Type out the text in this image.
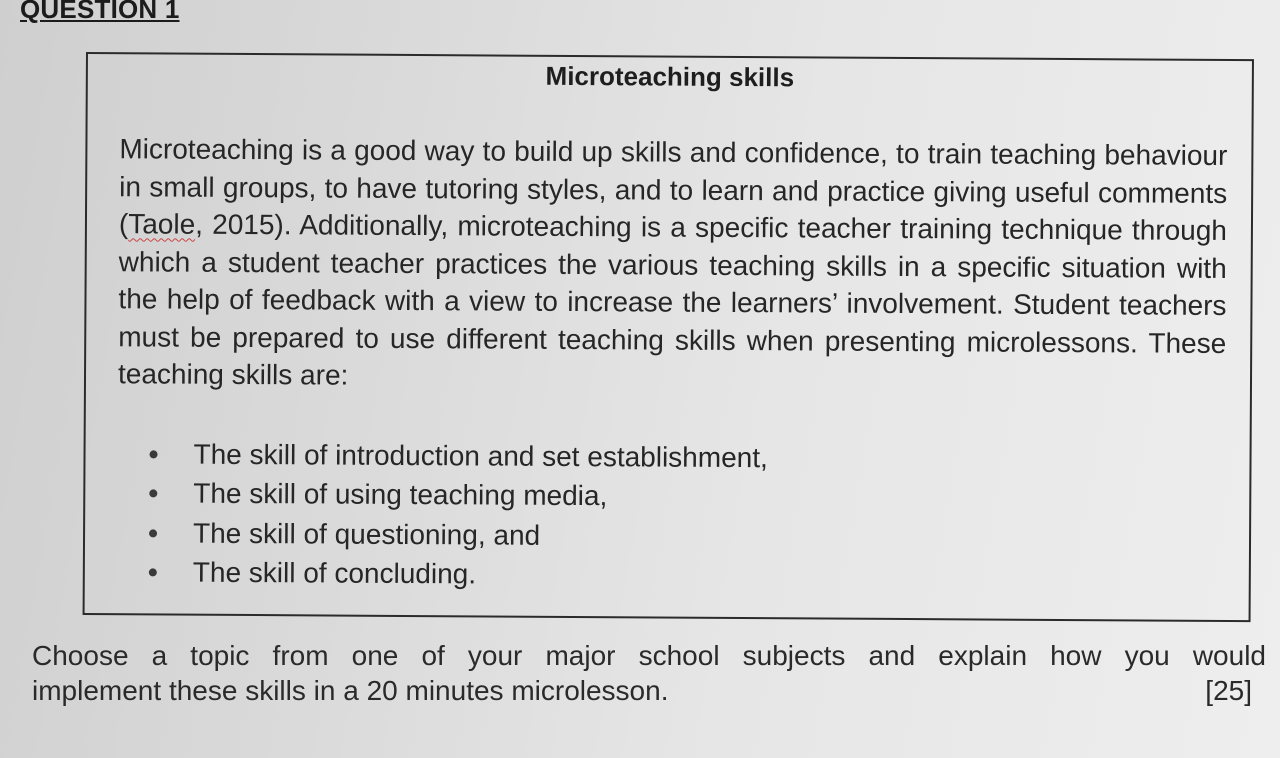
QUESTION 1
Microteaching skills

Microteaching is a good way to build up skills and confidence, to train teaching behaviour in small groups, to have tutoring styles, and to learn and practice giving useful comments (Taole, 2015). Additionally, microteaching is a specific teacher training technique through which a student teacher practices the various teaching skills in a specific situation with the help of feedback with a view to increase the learners’ involvement. Student teachers must be prepared to use different teaching skills when presenting microlessons. These teaching skills are:

The skill of introduction and set establishment,
The skill of using teaching media,
The skill of questioning, and
The skill of concluding.
Choose a topic from one of your major school subjects and explain how you would
implement these skills in a 20 minutes microlesson.	[25]
